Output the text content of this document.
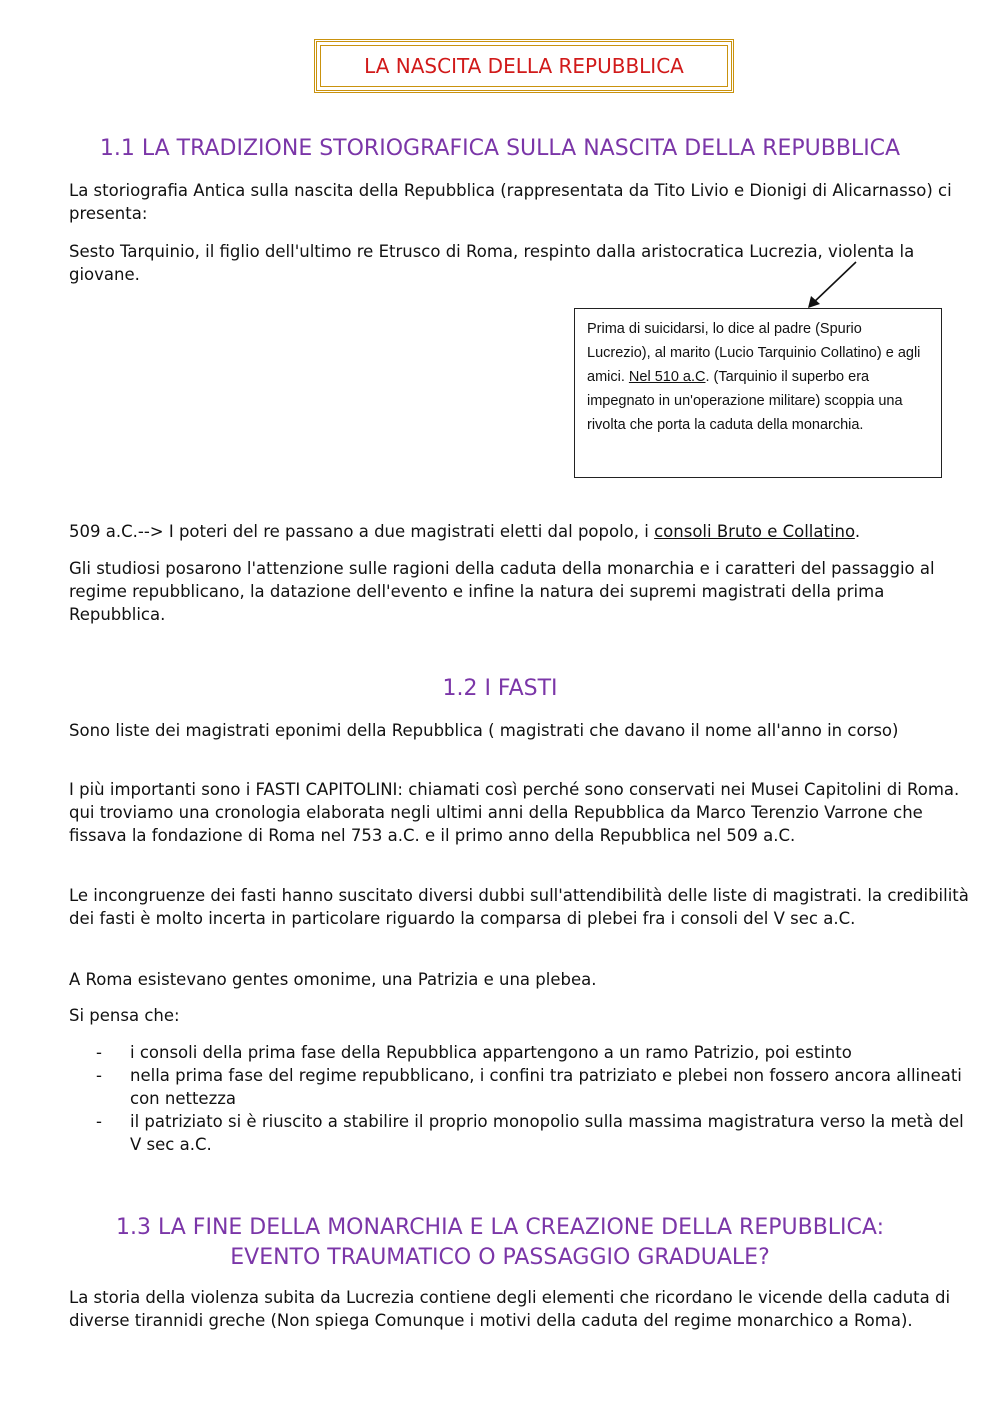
LA NASCITA DELLA REPUBBLICA
1.1 LA TRADIZIONE STORIOGRAFICA SULLA NASCITA DELLA REPUBBLICA
La storiografia Antica sulla nascita della Repubblica (rappresentata da Tito Livio e Dionigi di Alicarnasso) ci presenta:
Sesto Tarquinio, il figlio dell'ultimo re Etrusco di Roma, respinto dalla aristocratica Lucrezia, violenta la giovane.
Prima di suicidarsi, lo dice al padre (Spurio Lucrezio), al marito (Lucio Tarquinio Collatino) e agli amici. Nel 510 a.C. (Tarquinio il superbo era impegnato in un'operazione militare) scoppia una rivolta che porta la caduta della monarchia.
509 a.C.--> I poteri del re passano a due magistrati eletti dal popolo, i consoli Bruto e Collatino.
Gli studiosi posarono l'attenzione sulle ragioni della caduta della monarchia e i caratteri del passaggio al regime repubblicano, la datazione dell'evento e infine la natura dei supremi magistrati della prima Repubblica.
1.2 I FASTI
Sono liste dei magistrati eponimi della Repubblica ( magistrati che davano il nome all'anno in corso)
I più importanti sono i FASTI CAPITOLINI: chiamati così perché sono conservati nei Musei Capitolini di Roma. qui troviamo una cronologia elaborata negli ultimi anni della Repubblica da Marco Terenzio Varrone che fissava la fondazione di Roma nel 753 a.C. e il primo anno della Repubblica nel 509 a.C.
Le incongruenze dei fasti hanno suscitato diversi dubbi sull'attendibilità delle liste di magistrati. la credibilità dei fasti è molto incerta in particolare riguardo la comparsa di plebei fra i consoli del V sec a.C.
A Roma esistevano gentes omonime, una Patrizia e una plebea.
Si pensa che:
-	i consoli della prima fase della Repubblica appartengono a un ramo Patrizio, poi estinto
-	nella prima fase del regime repubblicano, i confini tra patriziato e plebei non fossero ancora allineati con nettezza
-	il patriziato si è riuscito a stabilire il proprio monopolio sulla massima magistratura verso la metà del V sec a.C.
1.3 LA FINE DELLA MONARCHIA E LA CREAZIONE DELLA REPUBBLICA:
EVENTO TRAUMATICO O PASSAGGIO GRADUALE?
La storia della violenza subita da Lucrezia contiene degli elementi che ricordano le vicende della caduta di diverse tirannidi greche (Non spiega Comunque i motivi della caduta del regime monarchico a Roma).
